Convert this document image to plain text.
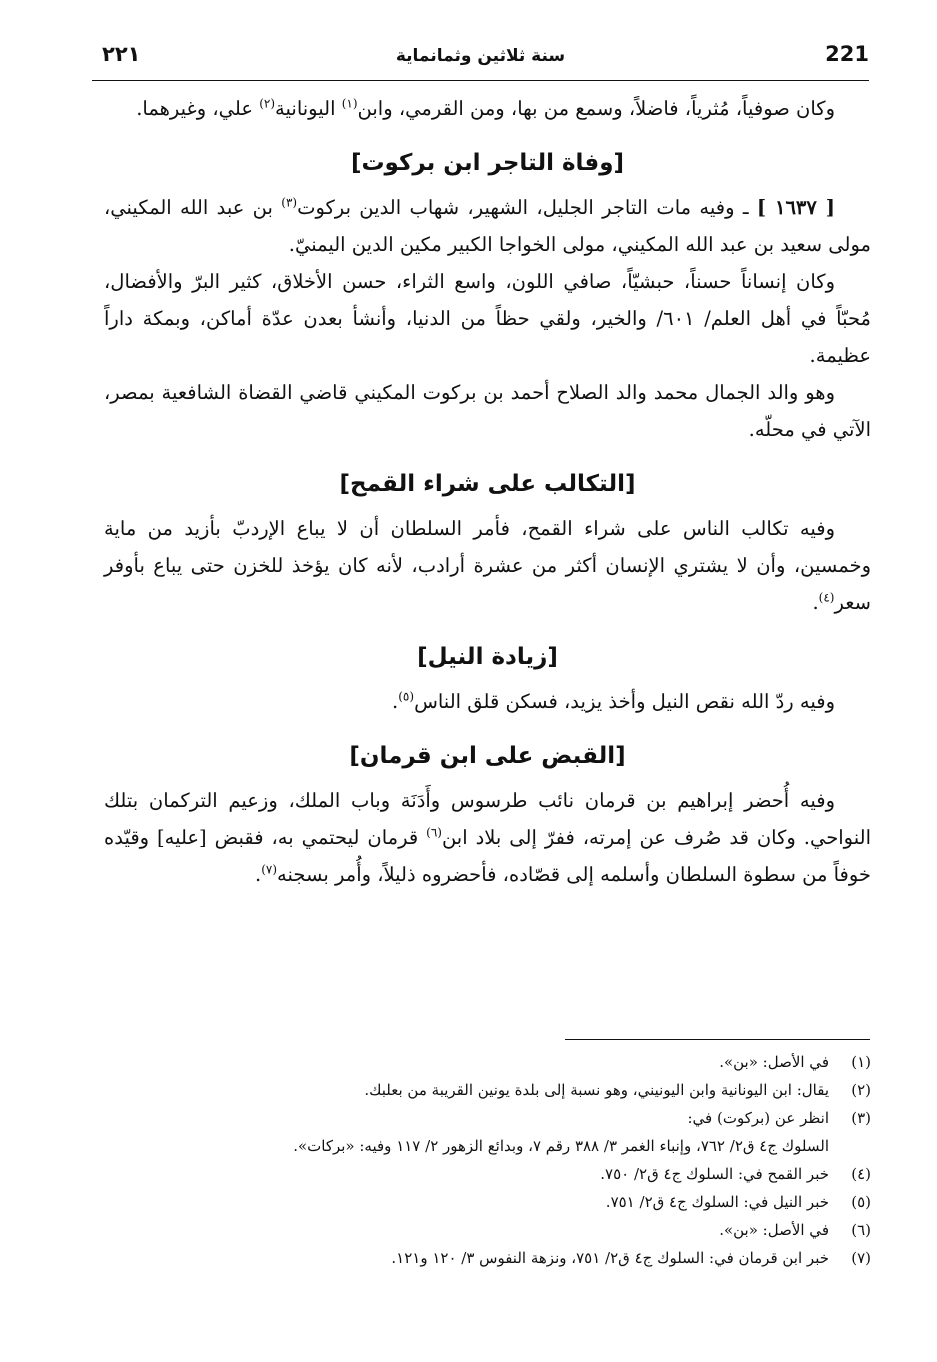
221
سنة ثلاثين وثمانماية
٢٢١

وكان صوفياً، مُثرياً، فاضلاً، وسمع من بها، ومن القرمي، وابن$^{(١)}$ اليونانية$^{(٢)}$ علي، وغيرهما.

[وفاة التاجر ابن بركوت]

[ ١٦٣٧ ] ـ وفيه مات التاجر الجليل، الشهير، شهاب الدين بركوت$^{(٣)}$ بن عبد الله المكيني، مولى سعيد بن عبد الله المكيني، مولى الخواجا الكبير مكين الدين اليمنيّ.

وكان إنساناً حسناً، حبشيّاً، صافي اللون، واسع الثراء، حسن الأخلاق، كثير البرّ والأفضال، مُحبّاً في أهل العلم/ ٦٠١/ والخير، ولقي حظاً من الدنيا، وأنشأ بعدن عدّة أماكن، وبمكة داراً عظيمة.

وهو والد الجمال محمد والد الصلاح أحمد بن بركوت المكيني قاضي القضاة الشافعية بمصر، الآتي في محلّه.

[التكالب على شراء القمح]

وفيه تكالب الناس على شراء القمح، فأمر السلطان أن لا يباع الإردبّ بأزيد من ماية وخمسين، وأن لا يشتري الإنسان أكثر من عشرة أرادب، لأنه كان يؤخذ للخزن حتى يباع بأوفر سعر$^{(٤)}$.

[زيادة النيل]

وفيه ردّ الله نقص النيل وأخذ يزيد، فسكن قلق الناس$^{(٥)}$.

[القبض على ابن قرمان]

وفيه أُحضر إبراهيم بن قرمان نائب طرسوس وأَدَنَة وباب الملك، وزعيم التركمان بتلك النواحي. وكان قد صُرف عن إمرته، ففرّ إلى بلاد ابن$^{(٦)}$ قرمان ليحتمي به، فقبض [عليه] وقيّده خوفاً من سطوة السلطان وأسلمه إلى قصّاده، فأحضروه ذليلاً، وأُمر بسجنه$^{(٧)}$.

(١)
في الأصل: «بن».
(٢)
يقال: ابن اليونانية وابن اليونيني، وهو نسبة إلى بلدة يونين القريبة من بعلبك.
(٣)
انظر عن (بركوت) في:
السلوك ج٤ ق٢/ ٧٦٢، وإنباء الغمر ٣/ ٣٨٨ رقم ٧، وبدائع الزهور ٢/ ١١٧ وفيه: «بركات».
(٤)
خبر القمح في: السلوك ج٤ ق٢/ ٧٥٠.
(٥)
خبر النيل في: السلوك ج٤ ق٢/ ٧٥١.
(٦)
في الأصل: «بن».
(٧)
خبر ابن قرمان في: السلوك ج٤ ق٢/ ٧٥١، ونزهة النفوس ٣/ ١٢٠ و١٢١.
